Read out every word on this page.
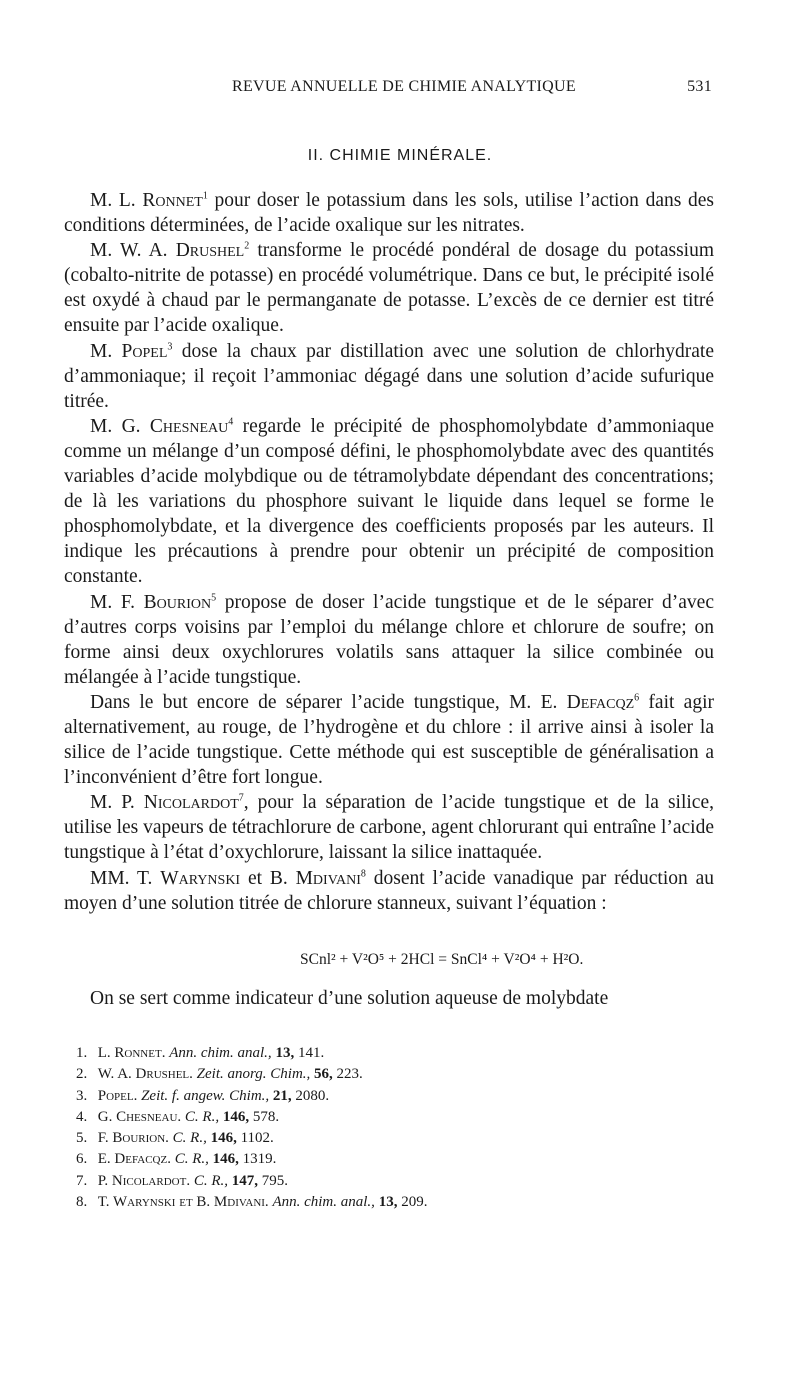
REVUE ANNUELLE DE CHIMIE ANALYTIQUE	531
II. CHIMIE MINÉRALE.

M. L. Ronnet$^1$ pour doser le potassium dans les sols, utilise l’action dans des conditions déterminées, de l’acide oxalique sur les nitrates.

M. W. A. Drushel$^2$ transforme le procédé pondéral de dosage du potassium (cobalto-nitrite de potasse) en procédé volumétrique. Dans ce but, le précipité isolé est oxydé à chaud par le permanganate de potasse. L’excès de ce dernier est titré ensuite par l’acide oxalique.

M. Popel$^3$ dose la chaux par distillation avec une solution de chlorhydrate d’ammoniaque; il reçoit l’ammoniac dégagé dans une solution d’acide sufurique titrée.

M. G. Chesneau$^4$ regarde le précipité de phosphomolybdate d’ammoniaque comme un mélange d’un composé défini, le phosphomolybdate avec des quantités variables d’acide molybdique ou de tétramolybdate dépendant des concentrations; de là les variations du phosphore suivant le liquide dans lequel se forme le phosphomolybdate, et la divergence des coefficients proposés par les auteurs. Il indique les précautions à prendre pour obtenir un précipité de composition constante.

M. F. Bourion$^5$ propose de doser l’acide tungstique et de le séparer d’avec d’autres corps voisins par l’emploi du mélange chlore et chlorure de soufre; on forme ainsi deux oxychlorures volatils sans attaquer la silice combinée ou mélangée à l’acide tungstique.

Dans le but encore de séparer l’acide tungstique, M. E. Defacqz$^6$ fait agir alternativement, au rouge, de l’hydrogène et du chlore : il arrive ainsi à isoler la silice de l’acide tungstique. Cette méthode qui est susceptible de généralisation a l’inconvénient d’être fort longue.

M. P. Nicolardot$^7$, pour la séparation de l’acide tungstique et de la silice, utilise les vapeurs de tétrachlorure de carbone, agent chlorurant qui entraîne l’acide tungstique à l’état d’oxychlorure, laissant la silice inattaquée.

MM. T. Warynski et B. Mdivani$^8$ dosent l’acide vanadique par réduction au moyen d’une solution titrée de chlorure stanneux, suivant l’équation :

SCnl² + V²O⁵ + 2HCl = SnCl⁴ + V²O⁴ + H²O.
On se sert comme indicateur d’une solution aqueuse de molybdate
1. L. Ronnet. Ann. chim. anal., 13, 141.
2. W. A. Drushel. Zeit. anorg. Chim., 56, 223.
3. Popel. Zeit. f. angew. Chim., 21, 2080.
4. G. Chesneau. C. R., 146, 578.
5. F. Bourion. C. R., 146, 1102.
6. E. Defacqz. C. R., 146, 1319.
7. P. Nicolardot. C. R., 147, 795.
8. T. Warynski et B. Mdivani. Ann. chim. anal., 13, 209.
